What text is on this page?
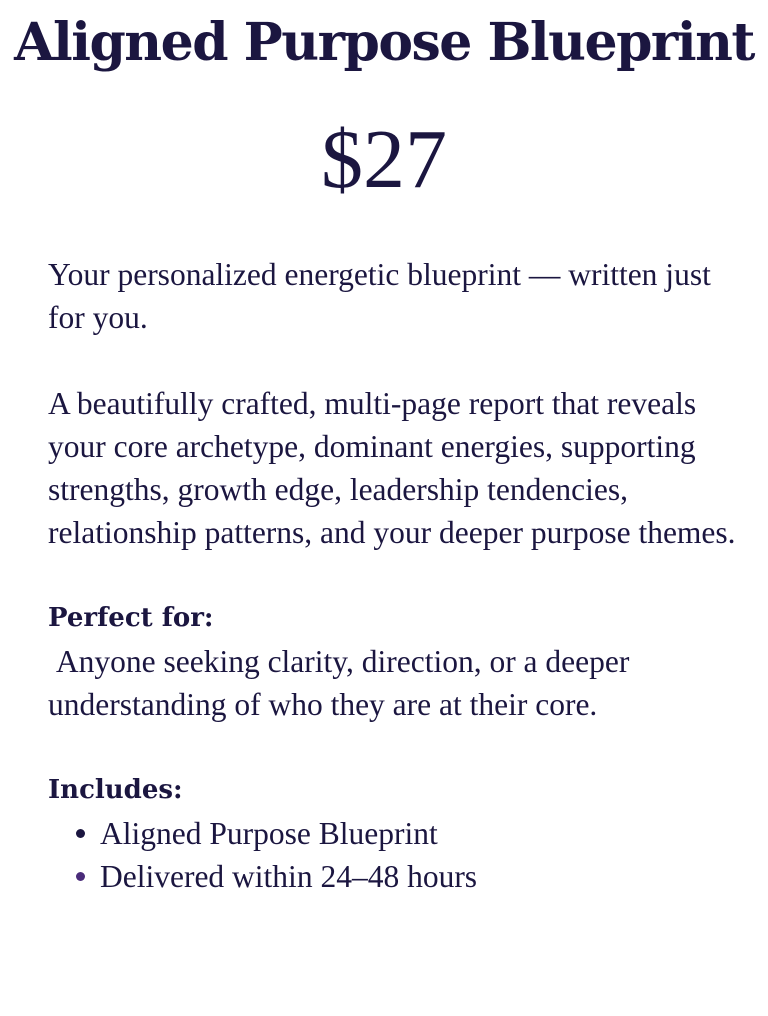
Aligned Purpose Blueprint
$27

Your personalized energetic blueprint — written just for you.

A beautifully crafted, multi-page report that reveals your core archetype, dominant energies, supporting strengths, growth edge, leadership tendencies, relationship patterns, and your deeper purpose themes.

Perfect for:

Anyone seeking clarity, direction, or a deeper understanding of who they are at their core.

Includes:

Aligned Purpose Blueprint
Delivered within 24–48 hours
